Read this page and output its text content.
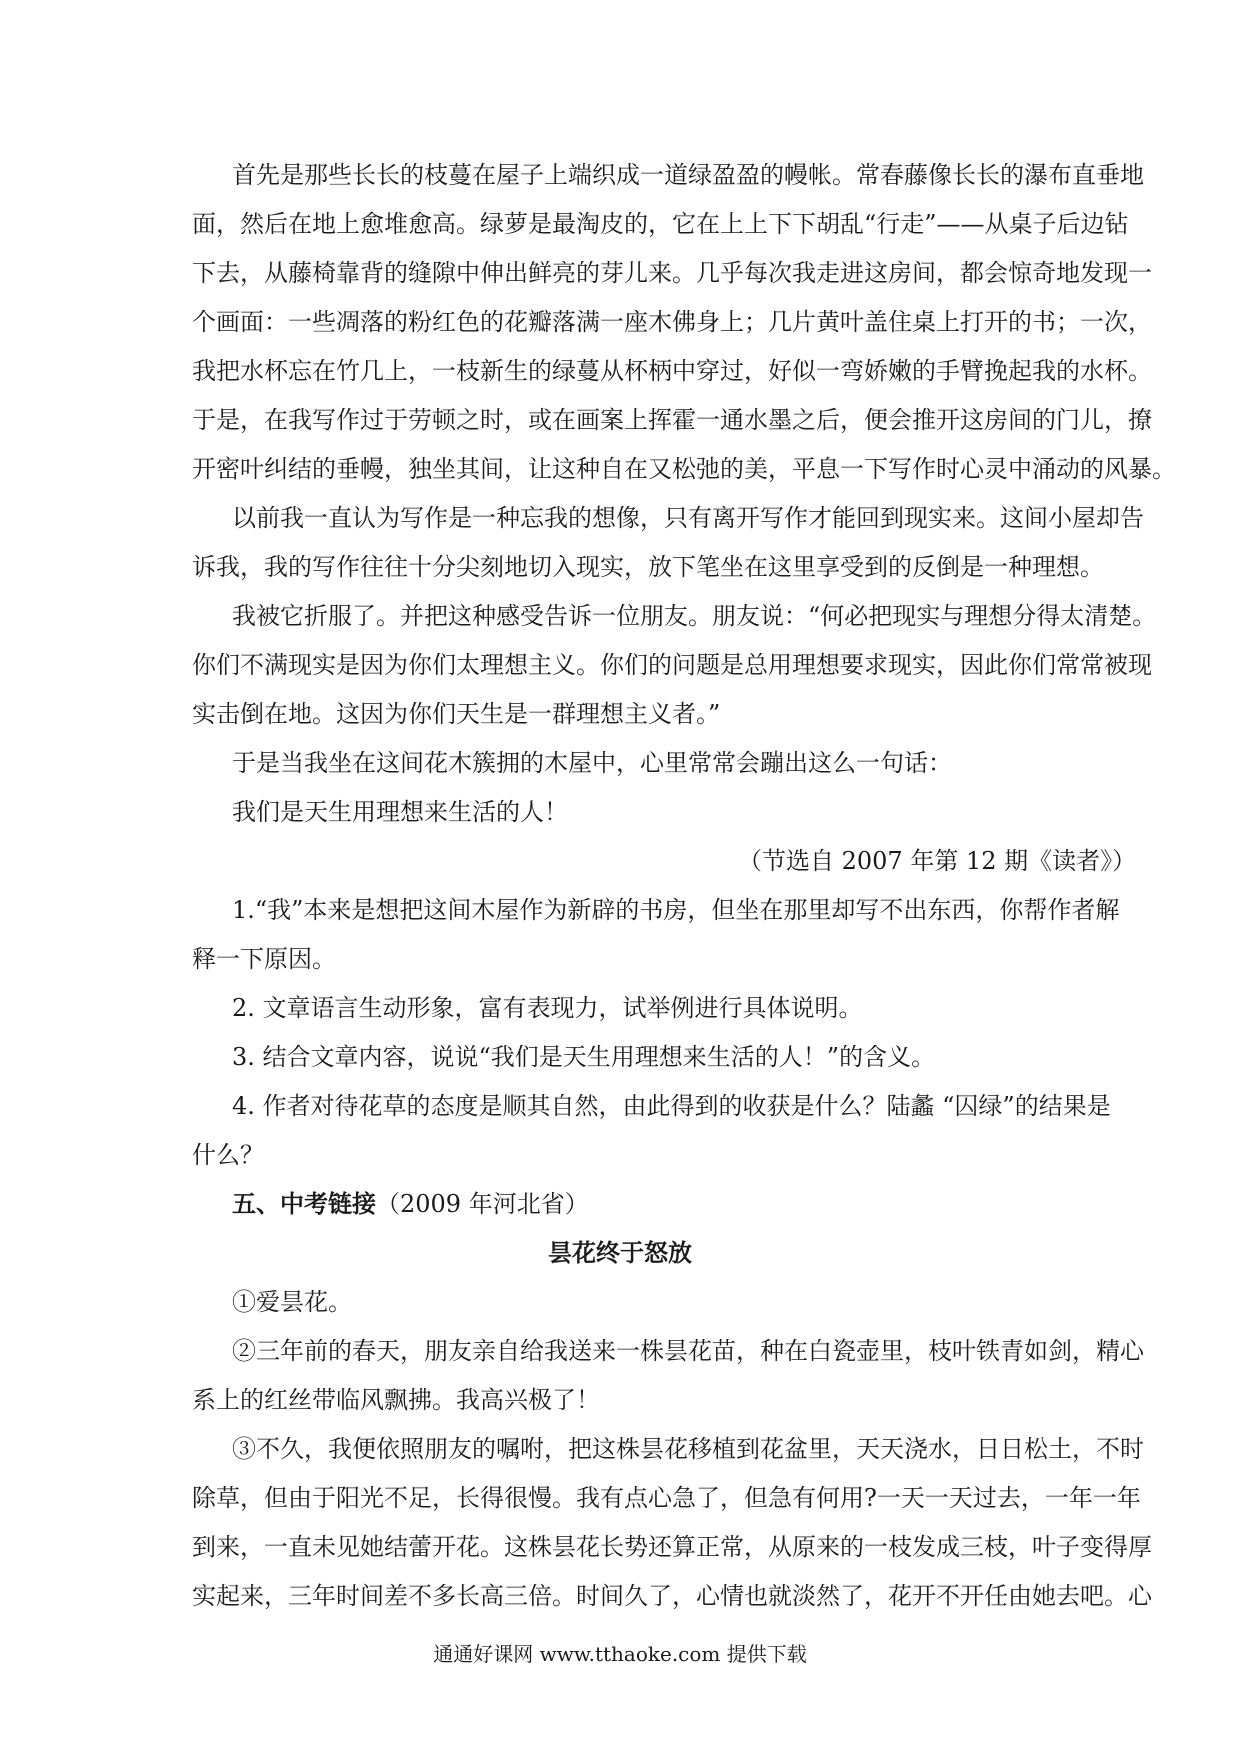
首先是那些长长的枝蔓在屋子上端织成一道绿盈盈的幔帐。常春藤像长长的瀑布直垂地
面，然后在地上愈堆愈高。绿萝是最淘皮的，它在上上下下胡乱“行走”——从桌子后边钻
下去，从藤椅靠背的缝隙中伸出鲜亮的芽儿来。几乎每次我走进这房间，都会惊奇地发现一
个画面：一些凋落的粉红色的花瓣落满一座木佛身上；几片黄叶盖住桌上打开的书；一次，
我把水杯忘在竹几上，一枝新生的绿蔓从杯柄中穿过，好似一弯娇嫩的手臂挽起我的水杯。
于是，在我写作过于劳顿之时，或在画案上挥霍一通水墨之后，便会推开这房间的门儿，撩
开密叶纠结的垂幔，独坐其间，让这种自在又松弛的美，平息一下写作时心灵中涌动的风暴。
以前我一直认为写作是一种忘我的想像，只有离开写作才能回到现实来。这间小屋却告
诉我，我的写作往往十分尖刻地切入现实，放下笔坐在这里享受到的反倒是一种理想。
我被它折服了。并把这种感受告诉一位朋友。朋友说：“何必把现实与理想分得太清楚。
你们不满现实是因为你们太理想主义。你们的问题是总用理想要求现实，因此你们常常被现
实击倒在地。这因为你们天生是一群理想主义者。”
于是当我坐在这间花木簇拥的木屋中，心里常常会蹦出这么一句话：
我们是天生用理想来生活的人！
（节选自 2007 年第 12 期《读者》）
1.“我”本来是想把这间木屋作为新辟的书房，但坐在那里却写不出东西，你帮作者解
释一下原因。
2. 文章语言生动形象，富有表现力，试举例进行具体说明。
3. 结合文章内容，说说“我们是天生用理想来生活的人！”的含义。
4. 作者对待花草的态度是顺其自然，由此得到的收获是什么？陆蠡 “囚绿”的结果是
什么？
五、中考链接（2009 年河北省）
昙花终于怒放
①爱昙花。
②三年前的春天，朋友亲自给我送来一株昙花苗，种在白瓷壶里，枝叶铁青如剑，精心
系上的红丝带临风飘拂。我高兴极了！
③不久，我便依照朋友的嘱咐，把这株昙花移植到花盆里，天天浇水，日日松土，不时
除草，但由于阳光不足，长得很慢。我有点心急了，但急有何用?一天一天过去，一年一年
到来，一直未见她结蕾开花。这株昙花长势还算正常，从原来的一枝发成三枝，叶子变得厚
实起来，三年时间差不多长高三倍。时间久了，心情也就淡然了，花开不开任由她去吧。心
通通好课网 www.tthaoke.com 提供下载
